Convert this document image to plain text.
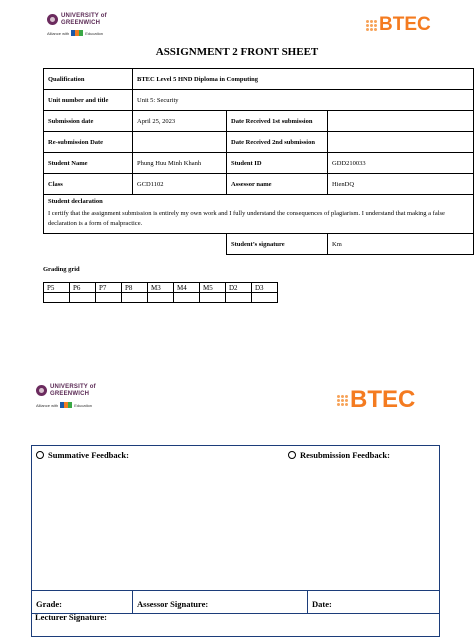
UNIVERSITY of
GREENWICH
Alliance with	Education	BTEC
ASSIGNMENT 2 FRONT SHEET
Qualification	BTEC Level 5 HND Diploma in Computing		
Unit number and title	Unit 5: Security		
Submission date	April 25, 2023	Date Received 1st submission	
Re-submission Date		Date Received 2nd submission	
Student Name	Phung Huu Minh Khanh	Student ID	GDD210033
Class	GCD1102	Assessor name	HienDQ

Student declaration
I certify that the assignment submission is entirely my own work and I fully understand the consequences of plagiarism. I understand that making a false declaration is a form of malpractice.			

		Student’s signature	Km
Grading grid
P5	P6	P7	P8	M3	M4	M5	D2	D3

UNIVERSITY of
GREENWICH
Alliance with	Education	BTEC
Summative Feedback:	Resubmission Feedback:
Grade:	Assessor Signature:	Date:
Lecturer Signature:
